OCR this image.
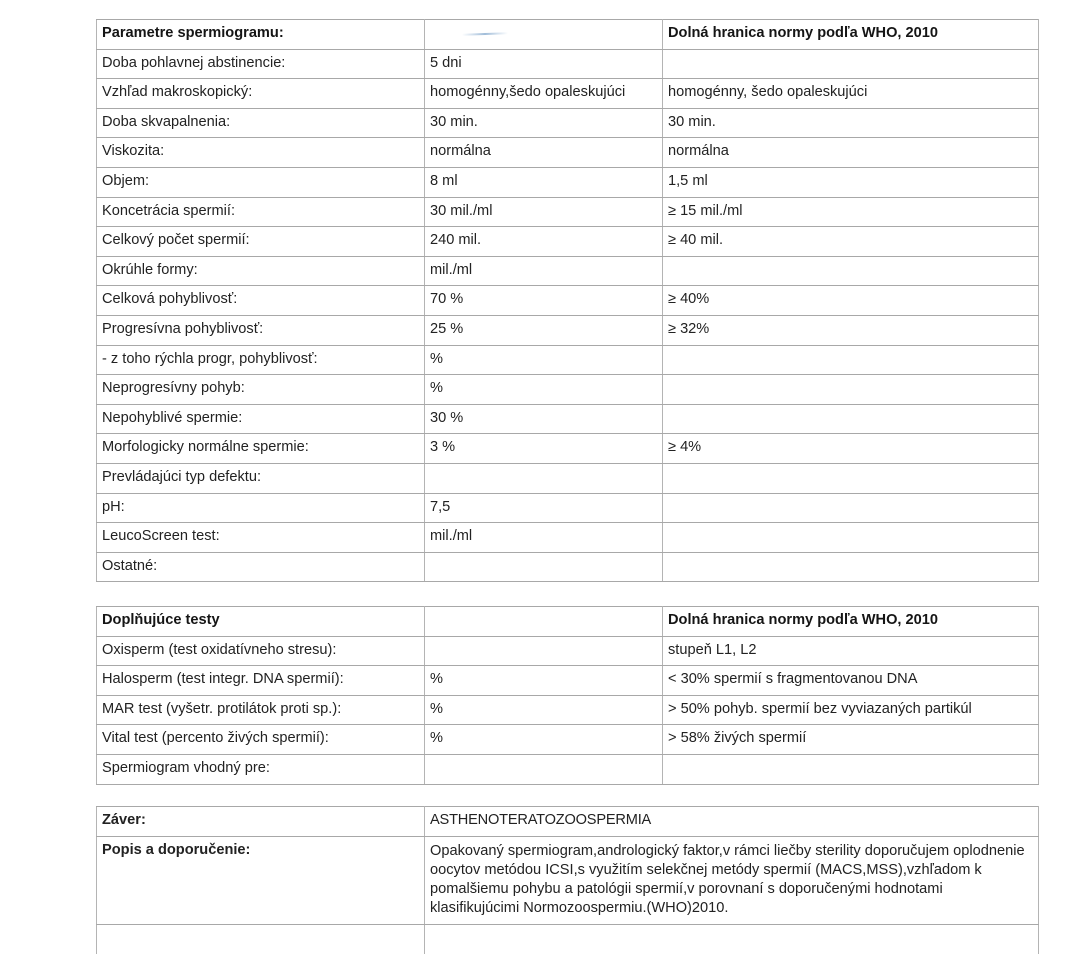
Parametre spermiogramu:		Dolná hranica normy podľa WHO, 2010
Doba pohlavnej abstinencie:	5 dni	
Vzhľad makroskopický:	homogénny,šedo opaleskujúci	homogénny, šedo opaleskujúci
Doba skvapalnenia:	30 min.	30 min.
Viskozita:	normálna	normálna
Objem:	8 ml	1,5 ml
Koncetrácia spermií:	30 mil./ml	≥ 15 mil./ml
Celkový počet spermií:	240 mil.	≥ 40 mil.
Okrúhle formy:	mil./ml	
Celková pohyblivosť:	70 %	≥ 40%
Progresívna pohyblivosť:	25 %	≥ 32%
- z toho rýchla progr, pohyblivosť:	%	
Neprogresívny pohyb:	%	
Nepohyblivé spermie:	30 %	
Morfologicky normálne spermie:	3 %	≥ 4%
Prevládajúci typ defektu:		
pH:	7,5	
LeucoScreen test:	mil./ml	
Ostatné:		
Doplňujúce testy		Dolná hranica normy podľa WHO, 2010
Oxisperm (test oxidatívneho stresu):		stupeň L1, L2
Halosperm (test integr. DNA spermií):	%	< 30% spermií s fragmentovanou DNA
MAR test (vyšetr. protilátok proti sp.):	%	> 50% pohyb. spermií bez vyviazaných partikúl
Vital test (percento živých spermií):	%	> 58% živých spermií
Spermiogram vhodný pre:		
Záver:	ASTHENOTERATOZOOSPERMIA
Popis a doporučenie:	Opakovaný spermiogram,andrologický faktor,v rámci liečby sterility doporučujem oplodnenie oocytov metódou ICSI,s využitím selekčnej metódy spermií (MACS,MSS),vzhľadom k pomalšiemu pohybu a patológii spermií,v porovnaní s doporučenými hodnotami klasifikujúcimi Normozoospermiu.(WHO)2010.
